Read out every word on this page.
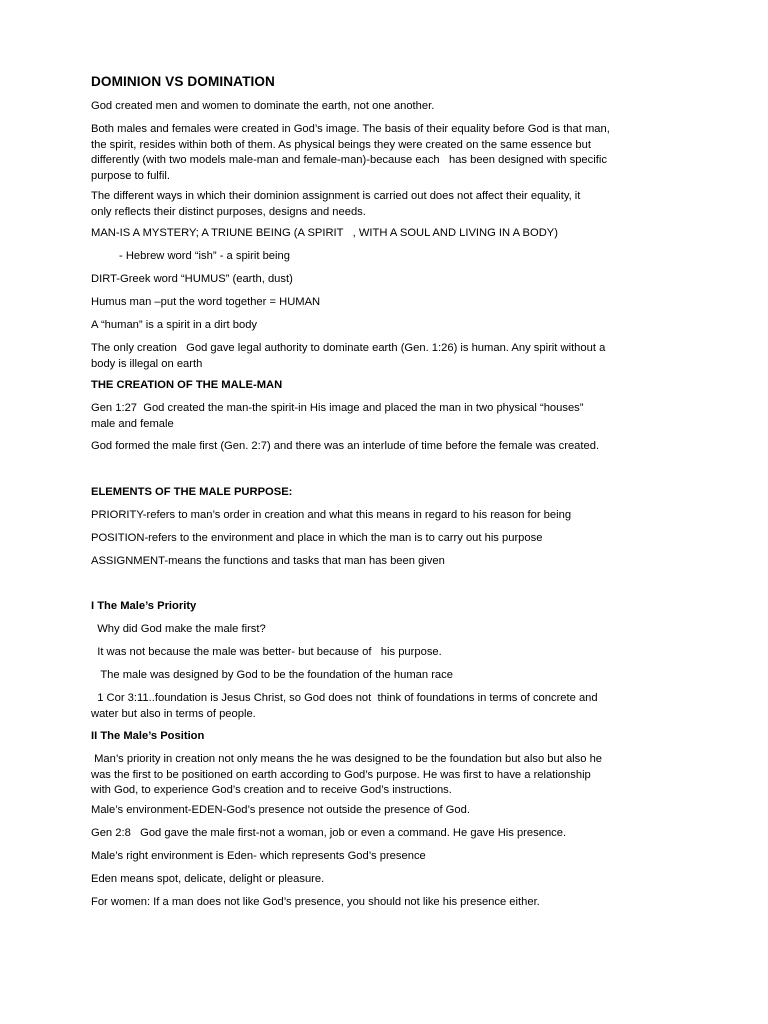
DOMINION VS DOMINATION

God created men and women to dominate the earth, not one another.

Both males and females were created in God’s image. The basis of their equality before God is that man,
the spirit, resides within both of them. As physical beings they were created on the same essence but
differently (with two models male-man and female-man)-because each   has been designed with specific
purpose to fulfil.

The different ways in which their dominion assignment is carried out does not affect their equality, it
only reflects their distinct purposes, designs and needs.

MAN-IS A MYSTERY; A TRIUNE BEING (A SPIRIT   , WITH A SOUL AND LIVING IN A BODY)

- Hebrew word “ish” - a spirit being

DIRT-Greek word “HUMUS” (earth, dust)

Humus man –put the word together = HUMAN

A “human” is a spirit in a dirt body

The only creation   God gave legal authority to dominate earth (Gen. 1:26) is human. Any spirit without a
body is illegal on earth

THE CREATION OF THE MALE-MAN

Gen 1:27  God created the man-the spirit-in His image and placed the man in two physical “houses”
male and female

God formed the male first (Gen. 2:7) and there was an interlude of time before the female was created.

ELEMENTS OF THE MALE PURPOSE:

PRIORITY-refers to man’s order in creation and what this means in regard to his reason for being

POSITION-refers to the environment and place in which the man is to carry out his purpose

ASSIGNMENT-means the functions and tasks that man has been given

I The Male’s Priority

Why did God make the male first?

It was not because the male was better- but because of   his purpose.

The male was designed by God to be the foundation of the human race

1 Cor 3:11..foundation is Jesus Christ, so God does not  think of foundations in terms of concrete and
water but also in terms of people.

II The Male’s Position

Man’s priority in creation not only means the he was designed to be the foundation but also but also he
was the first to be positioned on earth according to God’s purpose. He was first to have a relationship
with God, to experience God’s creation and to receive God’s instructions.

Male’s environment-EDEN-God’s presence not outside the presence of God.

Gen 2:8   God gave the male first-not a woman, job or even a command. He gave His presence.

Male’s right environment is Eden- which represents God’s presence

Eden means spot, delicate, delight or pleasure.

For women: If a man does not like God’s presence, you should not like his presence either.
